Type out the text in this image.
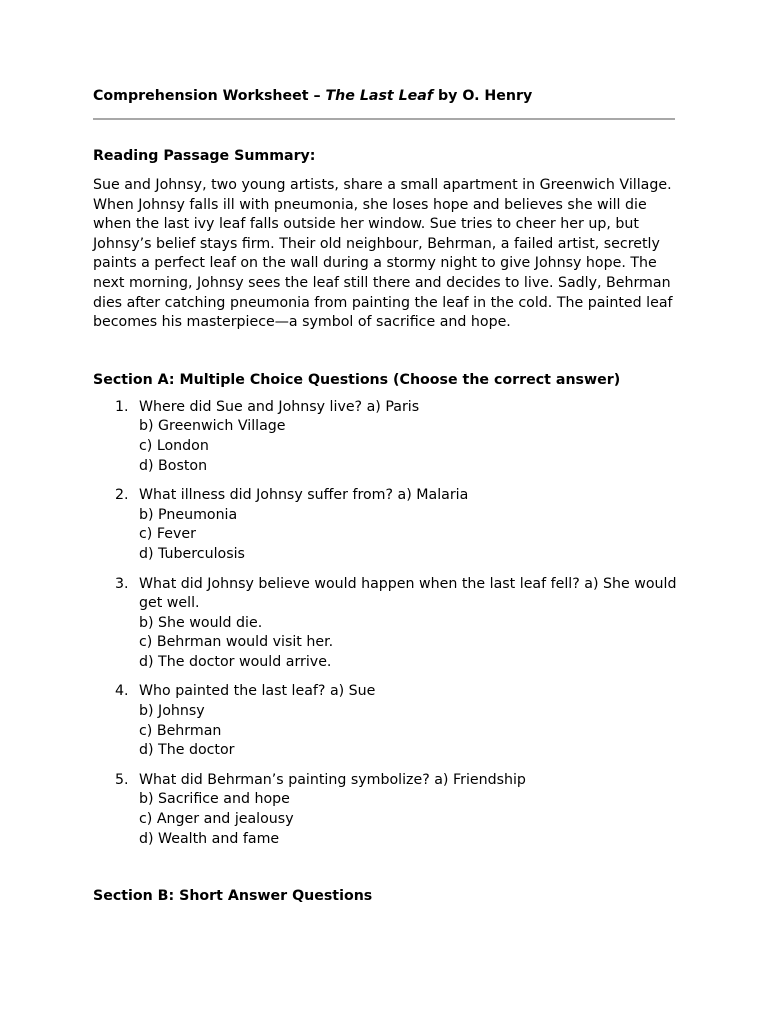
Comprehension Worksheet – The Last Leaf by O. Henry

Reading Passage Summary:

Sue and Johnsy, two young artists, share a small apartment in Greenwich Village. When Johnsy falls ill with pneumonia, she loses hope and believes she will die when the last ivy leaf falls outside her window. Sue tries to cheer her up, but Johnsy’s belief stays firm. Their old neighbour, Behrman, a failed artist, secretly paints a perfect leaf on the wall during a stormy night to give Johnsy hope. The next morning, Johnsy sees the leaf still there and decides to live. Sadly, Behrman dies after catching pneumonia from painting the leaf in the cold. The painted leaf becomes his masterpiece—a symbol of sacrifice and hope.

Section A: Multiple Choice Questions (Choose the correct answer)

1. Where did Sue and Johnsy live? a) Paris
b) Greenwich Village
c) London
d) Boston
2. What illness did Johnsy suffer from? a) Malaria
b) Pneumonia
c) Fever
d) Tuberculosis
3. What did Johnsy believe would happen when the last leaf fell? a) She would get well.
b) She would die.
c) Behrman would visit her.
d) The doctor would arrive.
4. Who painted the last leaf? a) Sue
b) Johnsy
c) Behrman
d) The doctor
5. What did Behrman’s painting symbolize? a) Friendship
b) Sacrifice and hope
c) Anger and jealousy
d) Wealth and fame

Section B: Short Answer Questions
